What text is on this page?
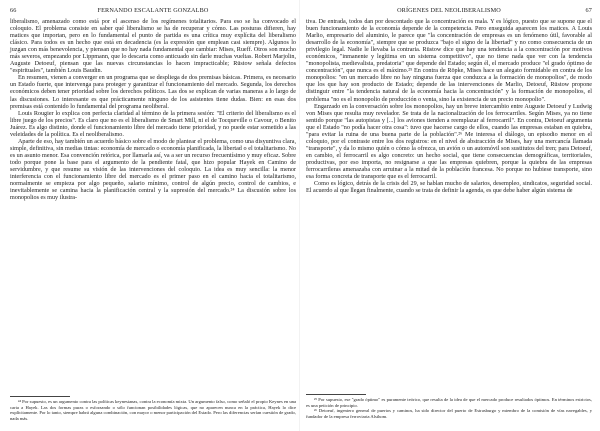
66	FERNANDO ESCALANTE GONZALBO

liberalismo, amenazado como está por el ascenso de los regímenes totalitarios. Para eso se ha convocado el coloquio. El problema consiste en saber qué liberalismo se ha de recuperar y cómo. Las posturas difieren, hay matices que importan, pero en lo fundamental el punto de partida es una crítica muy explícita del liberalismo clásico. Para todos es un hecho que está en decadencia (es la expresión que emplean casi siempre). Algunos lo juzgan con más benevolencia, y piensan que no hay nada fundamental que cambiar: Mises, Rueff. Otros son mucho más severos, empezando por Lippmann, que lo descarta como anticuado sin darle muchas vueltas. Robert Marjolin, Auguste Detoeuf, piensan que las nuevas circunstancias lo hacen impracticable; Rüstow señala defectos "espirituales", también Louis Baudin.

En resumen, vienen a converger en un programa que se despliega de dos premisas básicas. Primera, es necesario un Estado fuerte, que intervenga para proteger y garantizar el funcionamiento del mercado. Segunda, los derechos económicos deben tener prioridad sobre los derechos políticos. Las dos se explican de varias maneras a lo largo de las discusiones. Lo interesante es que prácticamente ninguno de los asistentes tiene dudas. Bien: en esas dos premisas está contenido lo fundamental del programa neoliberal.

Louis Rougier lo explica con perfecta claridad al término de la primera sesión: "El criterio del liberalismo es el libre juego de los precios". Es claro que no es el liberalismo de Smart Mill, ni el de Tocqueville o Cavour, o Benito Juárez. Es algo distinto, donde el funcionamiento libre del mercado tiene prioridad, y no puede estar sometido a las veleidades de la política. Es el neoliberalismo.

Aparte de eso, hay también un acuerdo básico sobre el modo de plantear el problema, como una disyuntiva clara, simple, definitiva, sin medias tintas: economía de mercado o economía planificada, la libertad o el totalitarismo. No es un asunto menor. Esa convención retórica, por llamarla así, va a ser un recurso frecuentísimo y muy eficaz. Sobre todo porque pone la base para el argumento de la pendiente fatal, que hizo popular Hayek en Camino de servidumbre, y que resume su visión de las intervenciones del coloquio. La idea es muy sencilla: la menor interferencia con el funcionamiento libre del mercado es el primer paso en el camino hacia el totalitarismo, normalmente se empieza por algo pequeño, salario mínimo, control de algún precio, control de cambios, e inevitablemente se camina hacia la planificación central y la supresión del mercado.²⁴ La discusión sobre los monopolios es muy ilustra-

²⁴ Por supuesto, es un argumento contra las políticas keynesianas, contra la economía mixta. Un argumento falso, como señaló el propio Keynes en una carta a Hayek. Las dos formas puras o esforzando o sólo funcionan posibilidades lógicas, que no aparecen nunca en la práctica, Hayek lo dice explícitamente. Por lo tanto, siempre habrá alguna combinación, con mayor o menor participación del Estado. Pero las diferencias serían cuestión de grado, nada más.

ORÍGENES DEL NEOLIBERALISMO	67

tiva. De entrada, todos dan por descontado que la concentración es mala. Y es lógico, puesto que se supone que el buen funcionamiento de la economía depende de la competencia. Pero enseguida aparecen los matices. A Louis Marlio, empresario del aluminio, le parece que "la concentración de empresas es un fenómeno útil, favorable al desarrollo de la economía", siempre que se produzca "bajo el signo de la libertad" y no como consecuencia de un privilegio legal. Nadie le llevaba la contraria. Rüstow dice que hay una tendencia a la concentración por motivos económicos, "inmanente y legítima en un sistema competitivo", que no tiene nada que ver con la tendencia "monopolista, medievalista, predatoria" que depende del Estado; según él, el mercado produce "el grado óptimo de concentración", que nunca es el máximo.²⁵ En contra de Röpke, Mises hace un alegato formidable en contra de los monopolios: "en un mercado libre no hay ninguna fuerza que conduzca a la formación de monopolios", de modo que los que hay son producto de Estado; depende de las intervenciones de Marlio, Detoeuf, Rüstow propone distinguir entre "la tendencia natural de la economía hacia la concentración" y la formación de monopolios, el problema "no es el monopolio de producción o venta, sino la existencia de un precio monopolio".

Engarzado en la conversación sobre los monopolios, hay un breve intercambio entre Auguste Detoeuf y Ludwig von Mises que resulta muy revelador. Se trata de la nacionalización de los ferrocarriles. Según Mises, ya no tiene sentido porque "las autopistas y [...] los aviones tienden a reemplazar al ferrocarril". En contra, Detoeuf argumenta que el Estado "no podía hacer otra cosa": tuvo que hacerse cargo de ellos, cuando las empresas estaban en quiebra, "para evitar la ruina de una buena parte de la población".²⁶ Me interesa el diálogo, un episodio menor en el coloquio, por el contraste entre los dos registros: en el nivel de abstracción de Mises, hay una mercancía llamada "transporte", y da lo mismo quién o cómo la ofrezca, un avión o un automóvil son sustitutos del tren; para Detoeuf, en cambio, el ferrocarril es algo concreto: un hecho social, que tiene consecuencias demográficas, territoriales, productivas, por eso importa, no resignarse a que las empresas quiebren, porque la quiebra de las empresas ferrocarrileras amenazaba con arruinar a la mitad de la población francesa. No porque no hubiese transporte, sino esa forma concreta de transporte que es el ferrocarril.

Como es lógico, detrás de la crisis del 29, se hablan mucho de salarios, desempleo, sindicatos, seguridad social. El acuerdo al que llegan finalmente, cuando se trata de definir la agenda, es que debe haber algún sistema de

²⁵ Por supuesto, ese "grado óptimo" es puramente teórico, que resulta de la idea de que el mercado produce resultados óptimos. En términos estrictos, es una petición de principio.

²⁶ Detoeuf, ingeniero general de puertos y caminos, ha sido director del puerto de Estrasburgo y miembro de la comisión de vías navegables, y fundador de la empresa ferroviaria Alsthom.
